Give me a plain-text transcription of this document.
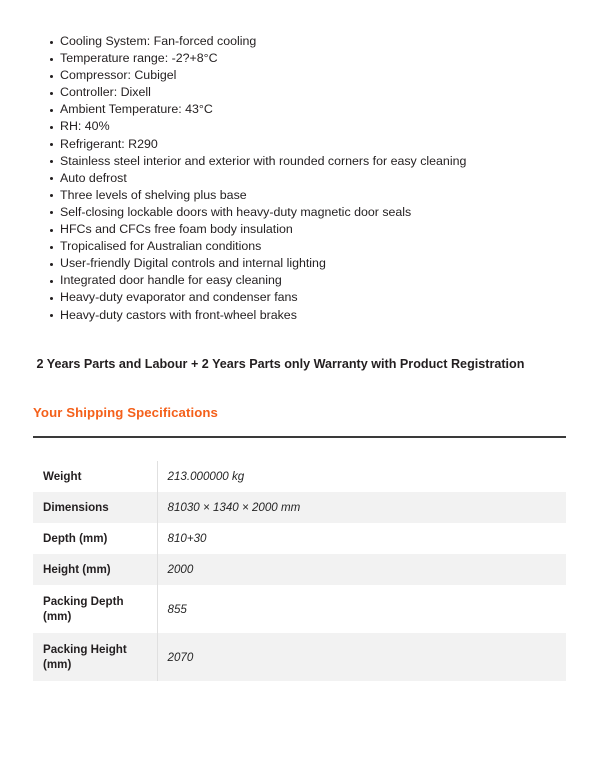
Cooling System: Fan-forced cooling
Temperature range: -2?+8°C
Compressor: Cubigel
Controller: Dixell
Ambient Temperature: 43°C
RH: 40%
Refrigerant: R290
Stainless steel interior and exterior with rounded corners for easy cleaning
Auto defrost
Three levels of shelving plus base
Self-closing lockable doors with heavy-duty magnetic door seals
HFCs and CFCs free foam body insulation
Tropicalised for Australian conditions
User-friendly Digital controls and internal lighting
Integrated door handle for easy cleaning
Heavy-duty evaporator and condenser fans
Heavy-duty castors with front-wheel brakes

2 Years Parts and Labour + 2 Years Parts only Warranty with Product Registration

Your Shipping Specifications
Weight	213.000000 kg
Dimensions	81030 × 1340 × 2000 mm
Depth (mm)	810+30
Height (mm)	2000
Packing Depth (mm)	855
Packing Height (mm)	2070
